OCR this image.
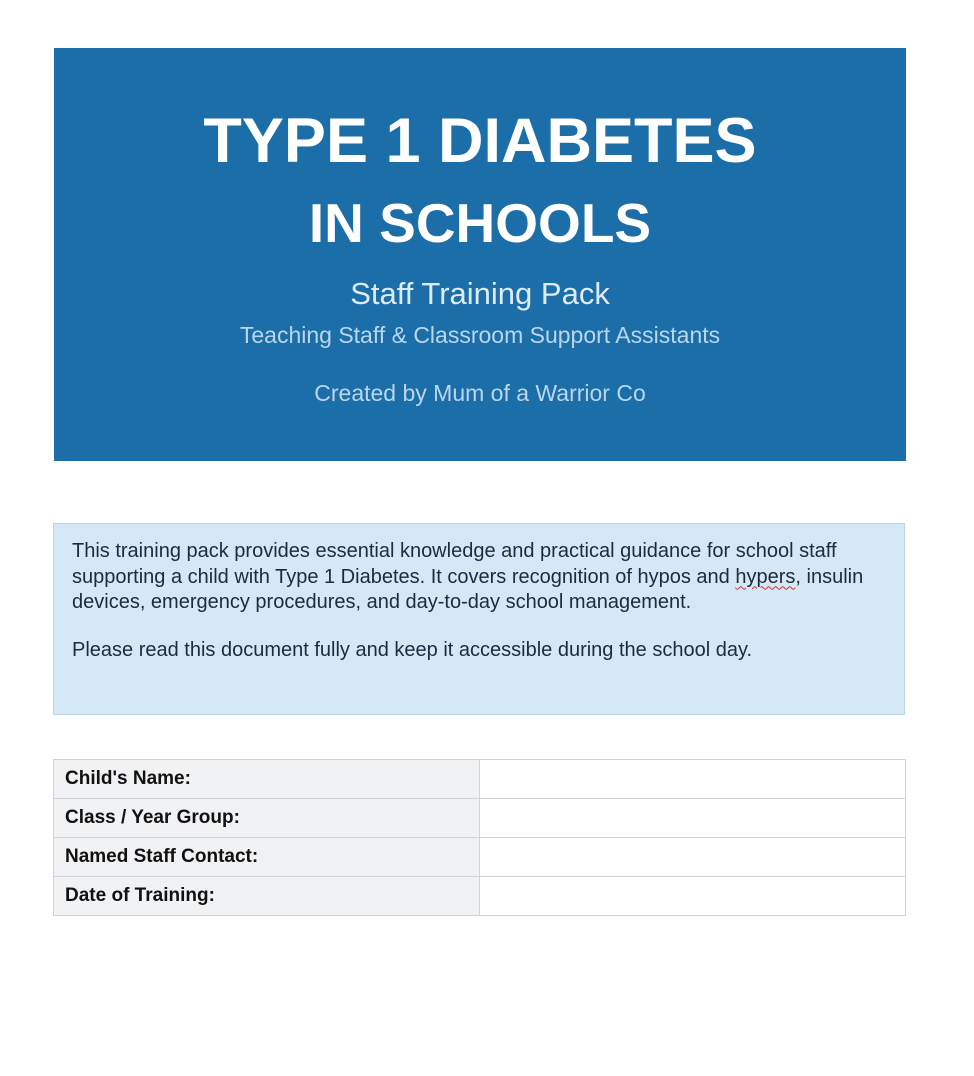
TYPE 1 DIABETES
IN SCHOOLS
Staff Training Pack
Teaching Staff & Classroom Support Assistants
Created by Mum of a Warrior Co

This training pack provides essential knowledge and practical guidance for school staff supporting a child with Type 1 Diabetes. It covers recognition of hypos and hypers, insulin devices, emergency procedures, and day-to-day school management.

Please read this document fully and keep it accessible during the school day.

Child's Name:	
Class / Year Group:	
Named Staff Contact:	
Date of Training:	
